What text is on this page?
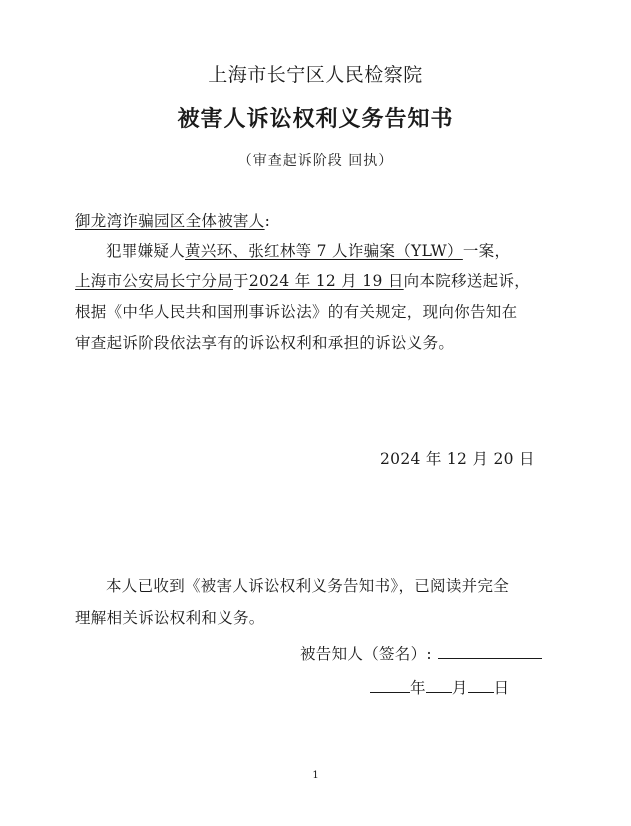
上海市长宁区人民检察院
被害人诉讼权利义务告知书
（审查起诉阶段 回执）
御龙湾诈骗园区全体被害人:
犯罪嫌疑人黄兴环、张红林等 7 人诈骗案（YLW）一案，
上海市公安局长宁分局于2024 年 12 月 19 日向本院移送起诉，
根据《中华人民共和国刑事诉讼法》的有关规定，现向你告知在
审查起诉阶段依法享有的诉讼权利和承担的诉讼义务。
2024 年 12 月 20 日
本人已收到《被害人诉讼权利义务告知书》，已阅读并完全
理解相关诉讼权利和义务。
被告知人（签名）:
年 月 日
1
